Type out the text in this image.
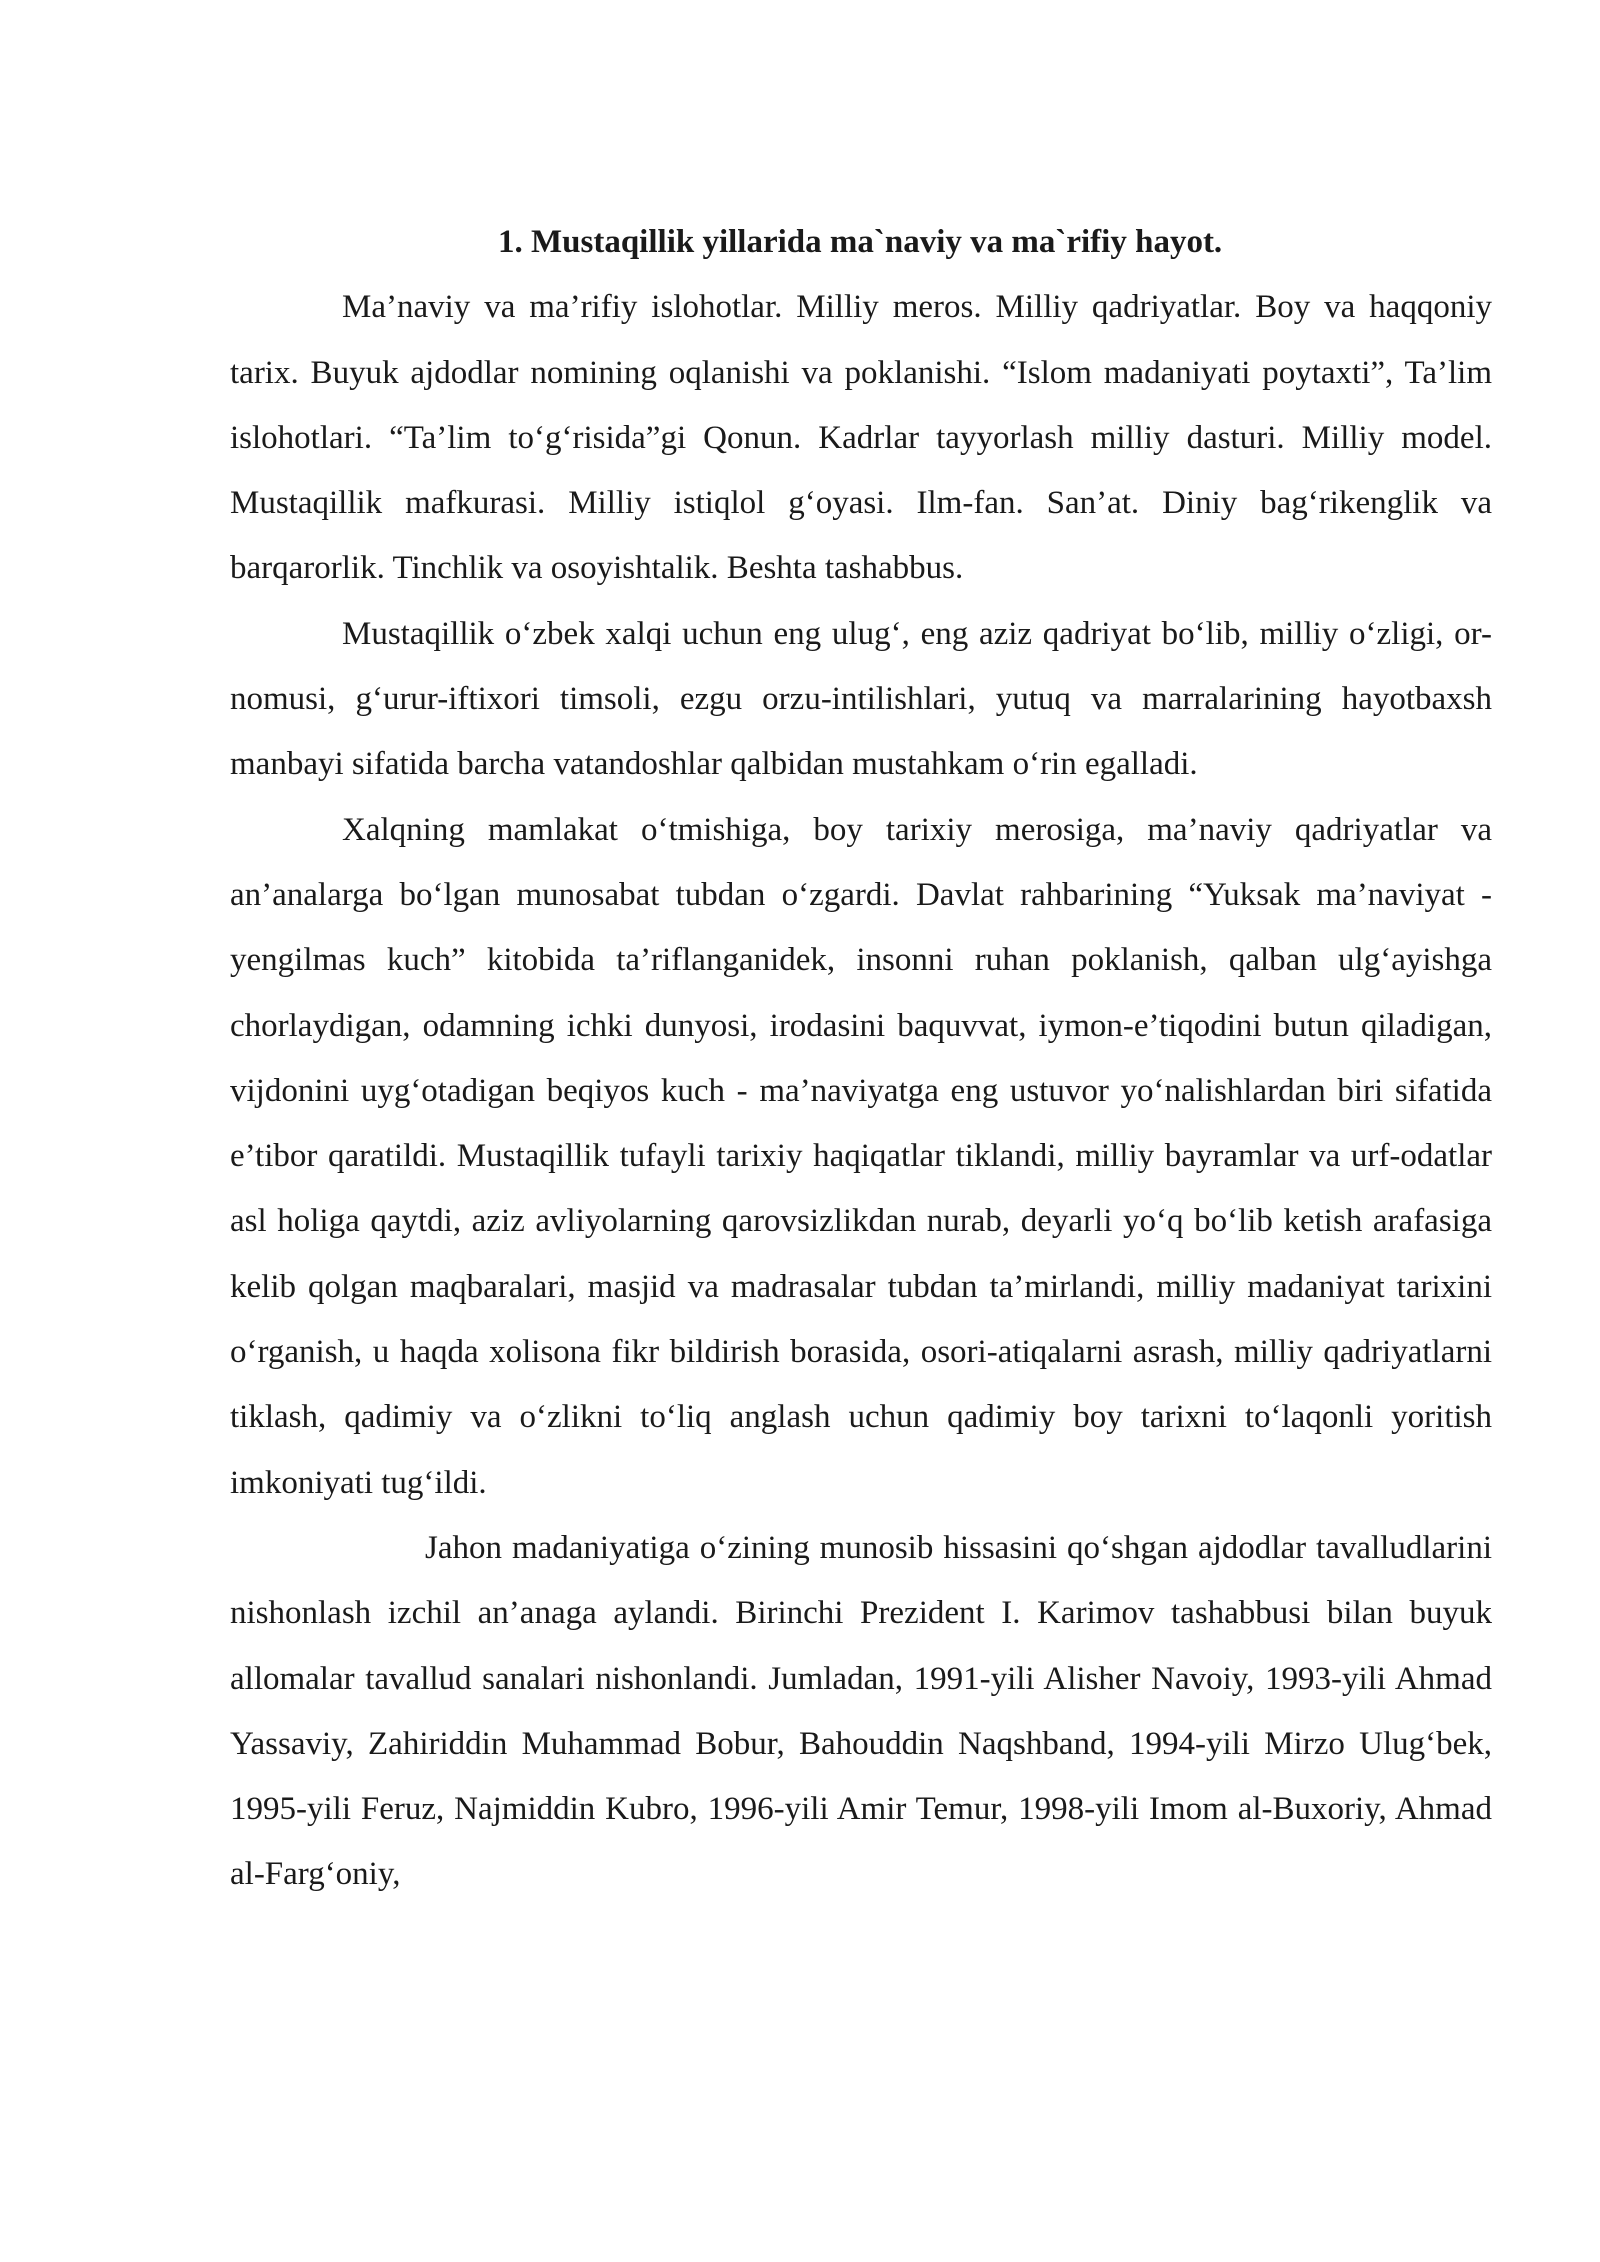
1. Mustaqillik yillarida ma`naviy va ma`rifiy hayot.

Ma’naviy va ma’rifiy islohotlar. Milliy meros. Milliy qadriyatlar. Boy va haqqoniy tarix. Buyuk ajdodlar nomining oqlanishi va poklanishi. “Islom madaniyati poytaxti”, Ta’lim islohotlari. “Ta’lim to‘g‘risida”gi Qonun. Kadrlar tayyorlash milliy dasturi. Milliy model. Mustaqillik mafkurasi. Milliy istiqlol g‘oyasi. Ilm-fan. San’at. Diniy bag‘rikenglik va barqarorlik. Tinchlik va osoyishtalik. Beshta tashabbus.

Mustaqillik o‘zbek xalqi uchun eng ulug‘, eng aziz qadriyat bo‘lib, milliy o‘zligi, or-nomusi, g‘urur-iftixori timsoli, ezgu orzu-intilishlari, yutuq va marralarining hayotbaxsh manbayi sifatida barcha vatandoshlar qalbidan mustahkam o‘rin egalladi.

Xalqning mamlakat o‘tmishiga, boy tarixiy merosiga, ma’naviy qadriyatlar va an’analarga bo‘lgan munosabat tubdan o‘zgardi. Davlat rahbarining “Yuksak ma’naviyat - yengilmas kuch” kitobida ta’riflanganidek, insonni ruhan poklanish, qalban ulg‘ayishga chorlaydigan, odamning ichki dunyosi, irodasini baquvvat, iymon-e’tiqodini butun qiladigan, vijdonini uyg‘otadigan beqiyos kuch - ma’naviyatga eng ustuvor yo‘nalishlardan biri sifatida e’tibor qaratildi. Mustaqillik tufayli tarixiy haqiqatlar tiklandi, milliy bayramlar va urf-odatlar asl holiga qaytdi, aziz avliyolarning qarovsizlikdan nurab, deyarli yo‘q bo‘lib ketish arafasiga kelib qolgan maqbaralari, masjid va madrasalar tubdan ta’mirlandi, milliy madaniyat tarixini o‘rganish, u haqda xolisona fikr bildirish borasida, osori-atiqalarni asrash, milliy qadriyatlarni tiklash, qadimiy va o‘zlikni to‘liq anglash uchun qadimiy boy tarixni to‘laqonli yoritish imkoniyati tug‘ildi.

Jahon madaniyatiga o‘zining munosib hissasini qo‘shgan ajdodlar tavalludlarini nishonlash izchil an’anaga aylandi. Birinchi Prezident I. Karimov tashabbusi bilan buyuk allomalar tavallud sanalari nishonlandi. Jumladan, 1991-yili Alisher Navoiy, 1993-yili Ahmad Yassaviy, Zahiriddin Muhammad Bobur, Bahouddin Naqshband, 1994-yili Mirzo Ulug‘bek, 1995-yili Feruz, Najmiddin Kubro, 1996-yili Amir Temur, 1998-yili Imom al-Buxoriy, Ahmad al-Farg‘oniy,
